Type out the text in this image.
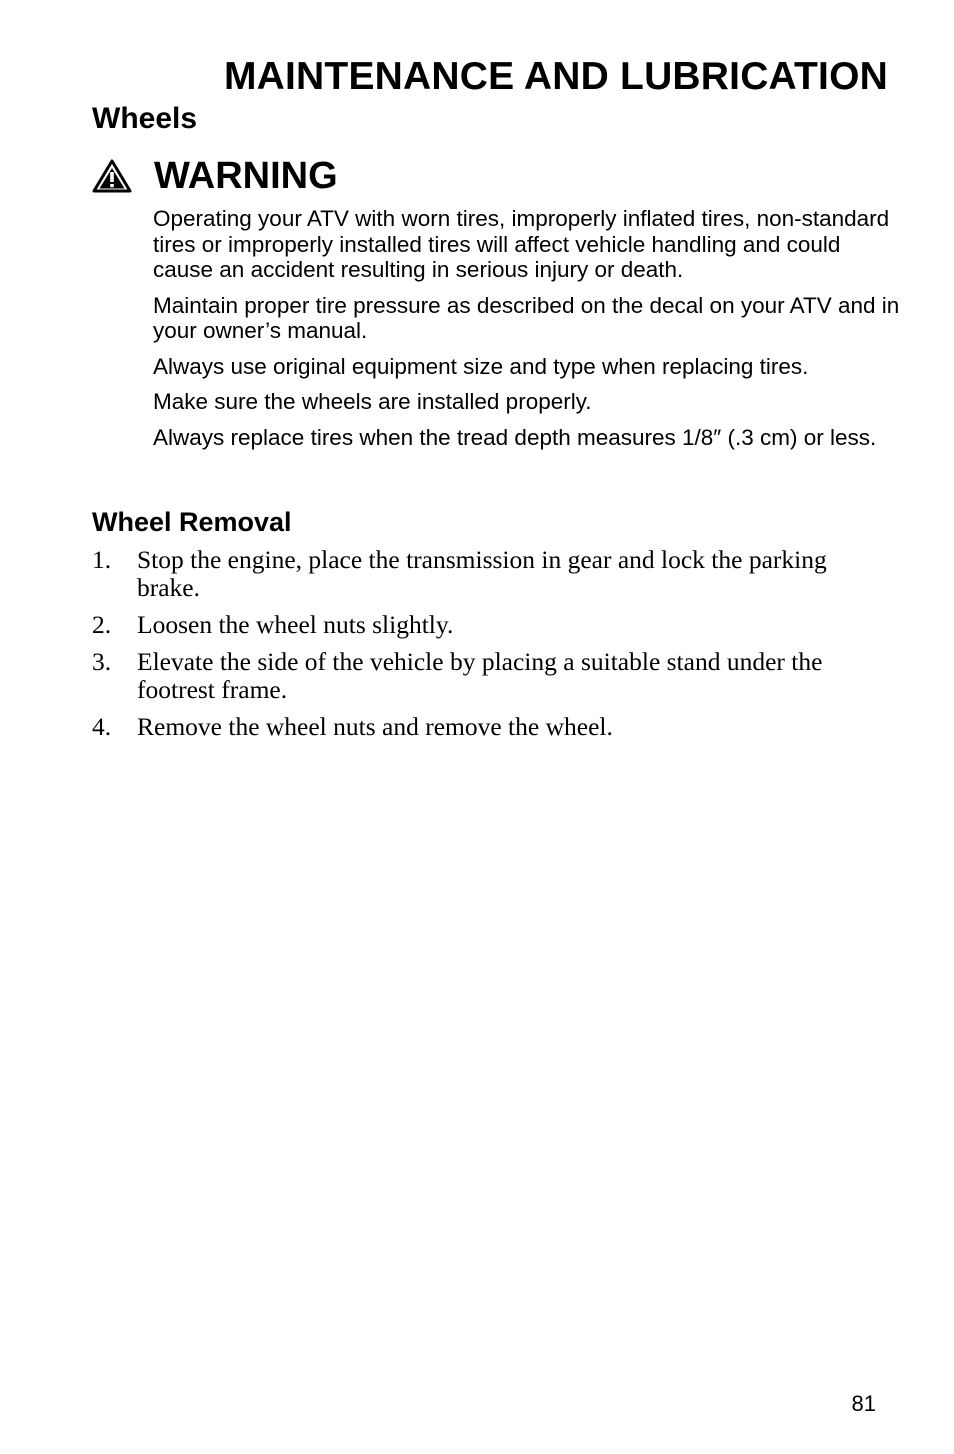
MAINTENANCE AND LUBRICATION
Wheels
WARNING

Operating your ATV with worn tires, improperly inflated tires, non-standard tires or improperly installed tires will affect vehicle handling and could cause an accident resulting in serious injury or death.

Maintain proper tire pressure as described on the decal on your ATV and in your owner’s manual.

Always use original equipment size and type when replacing tires.

Make sure the wheels are installed properly.

Always replace tires when the tread depth measures 1/8″ (.3 cm) or less.

Wheel Removal
1.	Stop the engine, place the transmission in gear and lock the parking brake.
2.	Loosen the wheel nuts slightly.
3.	Elevate the side of the vehicle by placing a suitable stand under the footrest frame.
4.	Remove the wheel nuts and remove the wheel.
81
